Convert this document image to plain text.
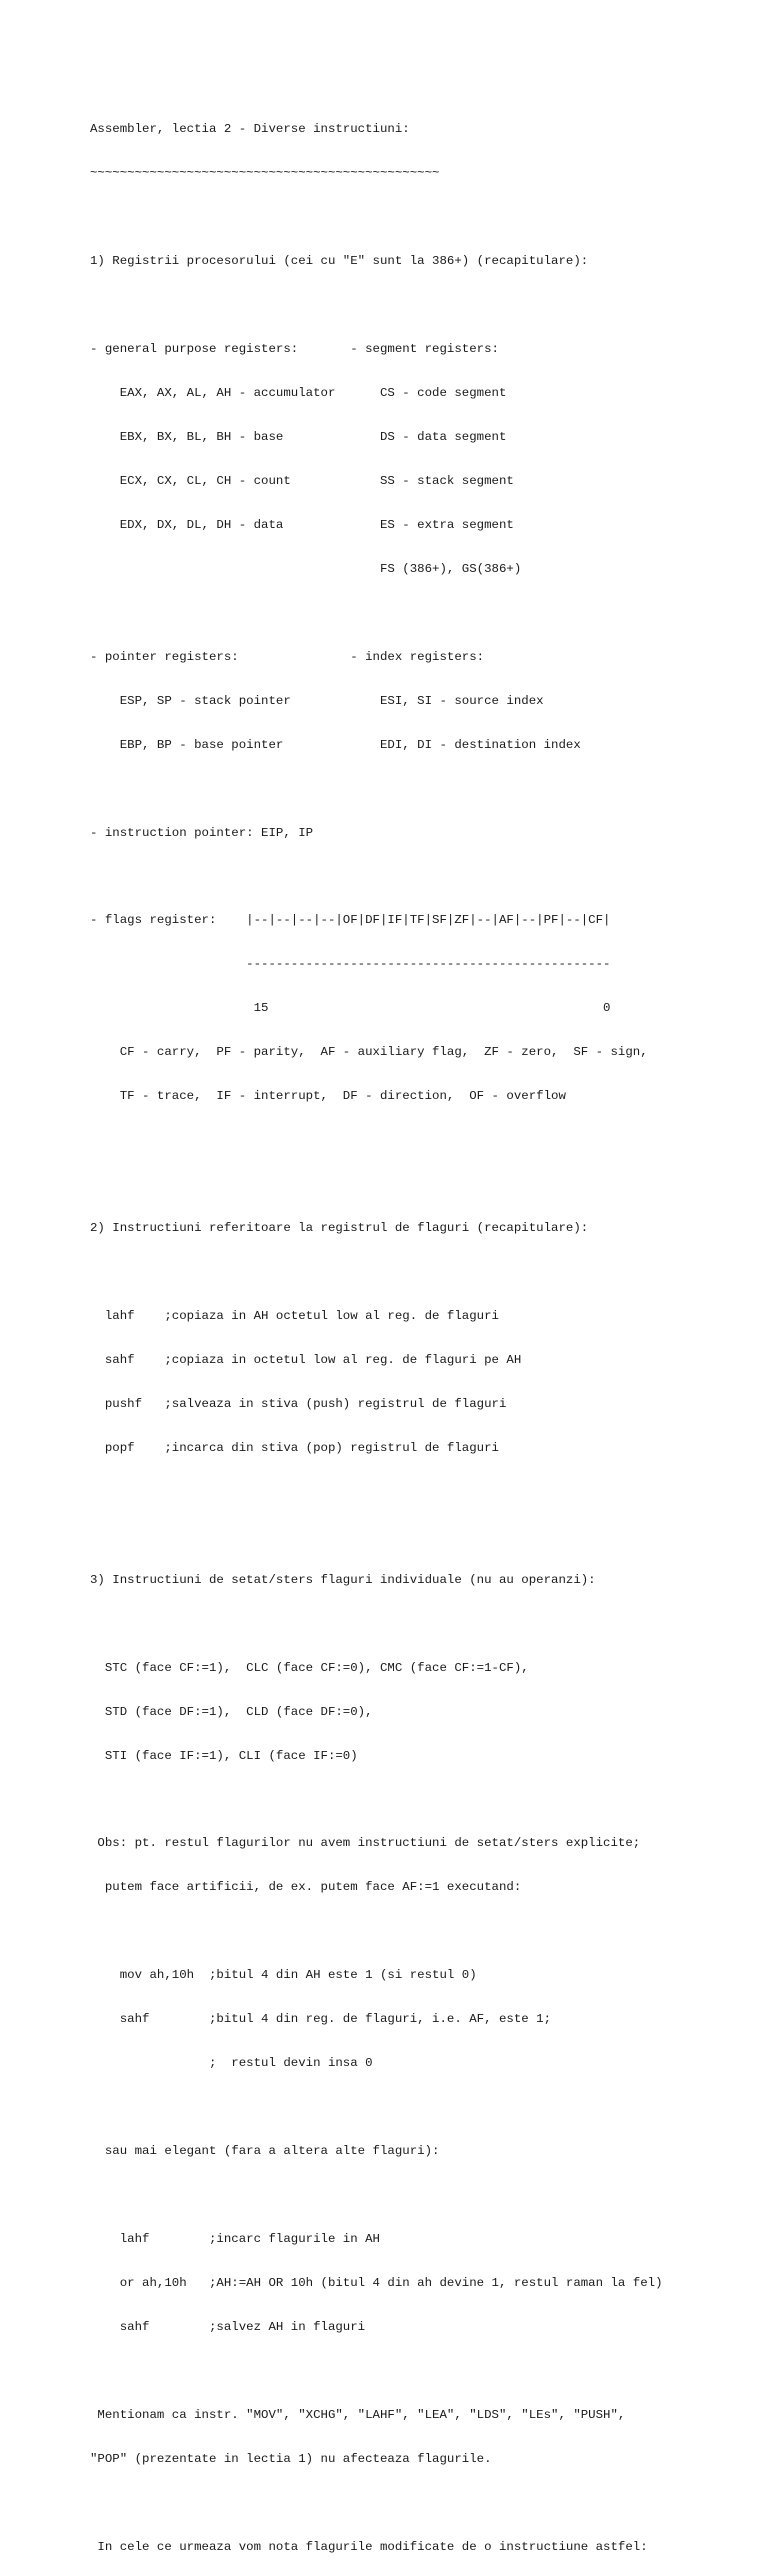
Assembler, lectia 2 - Diverse instructiuni:

~~~~~~~~~~~~~~~~~~~~~~~~~~~~~~~~~~~~~~~~~~~~~~~

1) Registrii procesorului (cei cu "E" sunt la 386+) (recapitulare):

- general purpose registers:       - segment registers:

EAX, AX, AL, AH - accumulator      CS - code segment

EBX, BX, BL, BH - base             DS - data segment

ECX, CX, CL, CH - count            SS - stack segment

EDX, DX, DL, DH - data             ES - extra segment

FS (386+), GS(386+)

- pointer registers:               - index registers:

ESP, SP - stack pointer            ESI, SI - source index

EBP, BP - base pointer             EDI, DI - destination index

- instruction pointer: EIP, IP

- flags register:    |--|--|--|--|OF|DF|IF|TF|SF|ZF|--|AF|--|PF|--|CF|

-------------------------------------------------

15                                             0

CF - carry,  PF - parity,  AF - auxiliary flag,  ZF - zero,  SF - sign,

TF - trace,  IF - interrupt,  DF - direction,  OF - overflow

2) Instructiuni referitoare la registrul de flaguri (recapitulare):

lahf    ;copiaza in AH octetul low al reg. de flaguri

sahf    ;copiaza in octetul low al reg. de flaguri pe AH

pushf   ;salveaza in stiva (push) registrul de flaguri

popf    ;incarca din stiva (pop) registrul de flaguri

3) Instructiuni de setat/sters flaguri individuale (nu au operanzi):

STC (face CF:=1),  CLC (face CF:=0), CMC (face CF:=1-CF),

STD (face DF:=1),  CLD (face DF:=0),

STI (face IF:=1), CLI (face IF:=0)

Obs: pt. restul flagurilor nu avem instructiuni de setat/sters explicite;

putem face artificii, de ex. putem face AF:=1 executand:

mov ah,10h  ;bitul 4 din AH este 1 (si restul 0)

sahf        ;bitul 4 din reg. de flaguri, i.e. AF, este 1;

;  restul devin insa 0

sau mai elegant (fara a altera alte flaguri):

lahf        ;incarc flagurile in AH

or ah,10h   ;AH:=AH OR 10h (bitul 4 din ah devine 1, restul raman la fel)

sahf        ;salvez AH in flaguri

Mentionam ca instr. "MOV", "XCHG", "LAHF", "LEA", "LDS", "LEs", "PUSH",

"POP" (prezentate in lectia 1) nu afecteaza flagurile.

In cele ce urmeaza vom nota flagurile modificate de o instructiune astfel:
